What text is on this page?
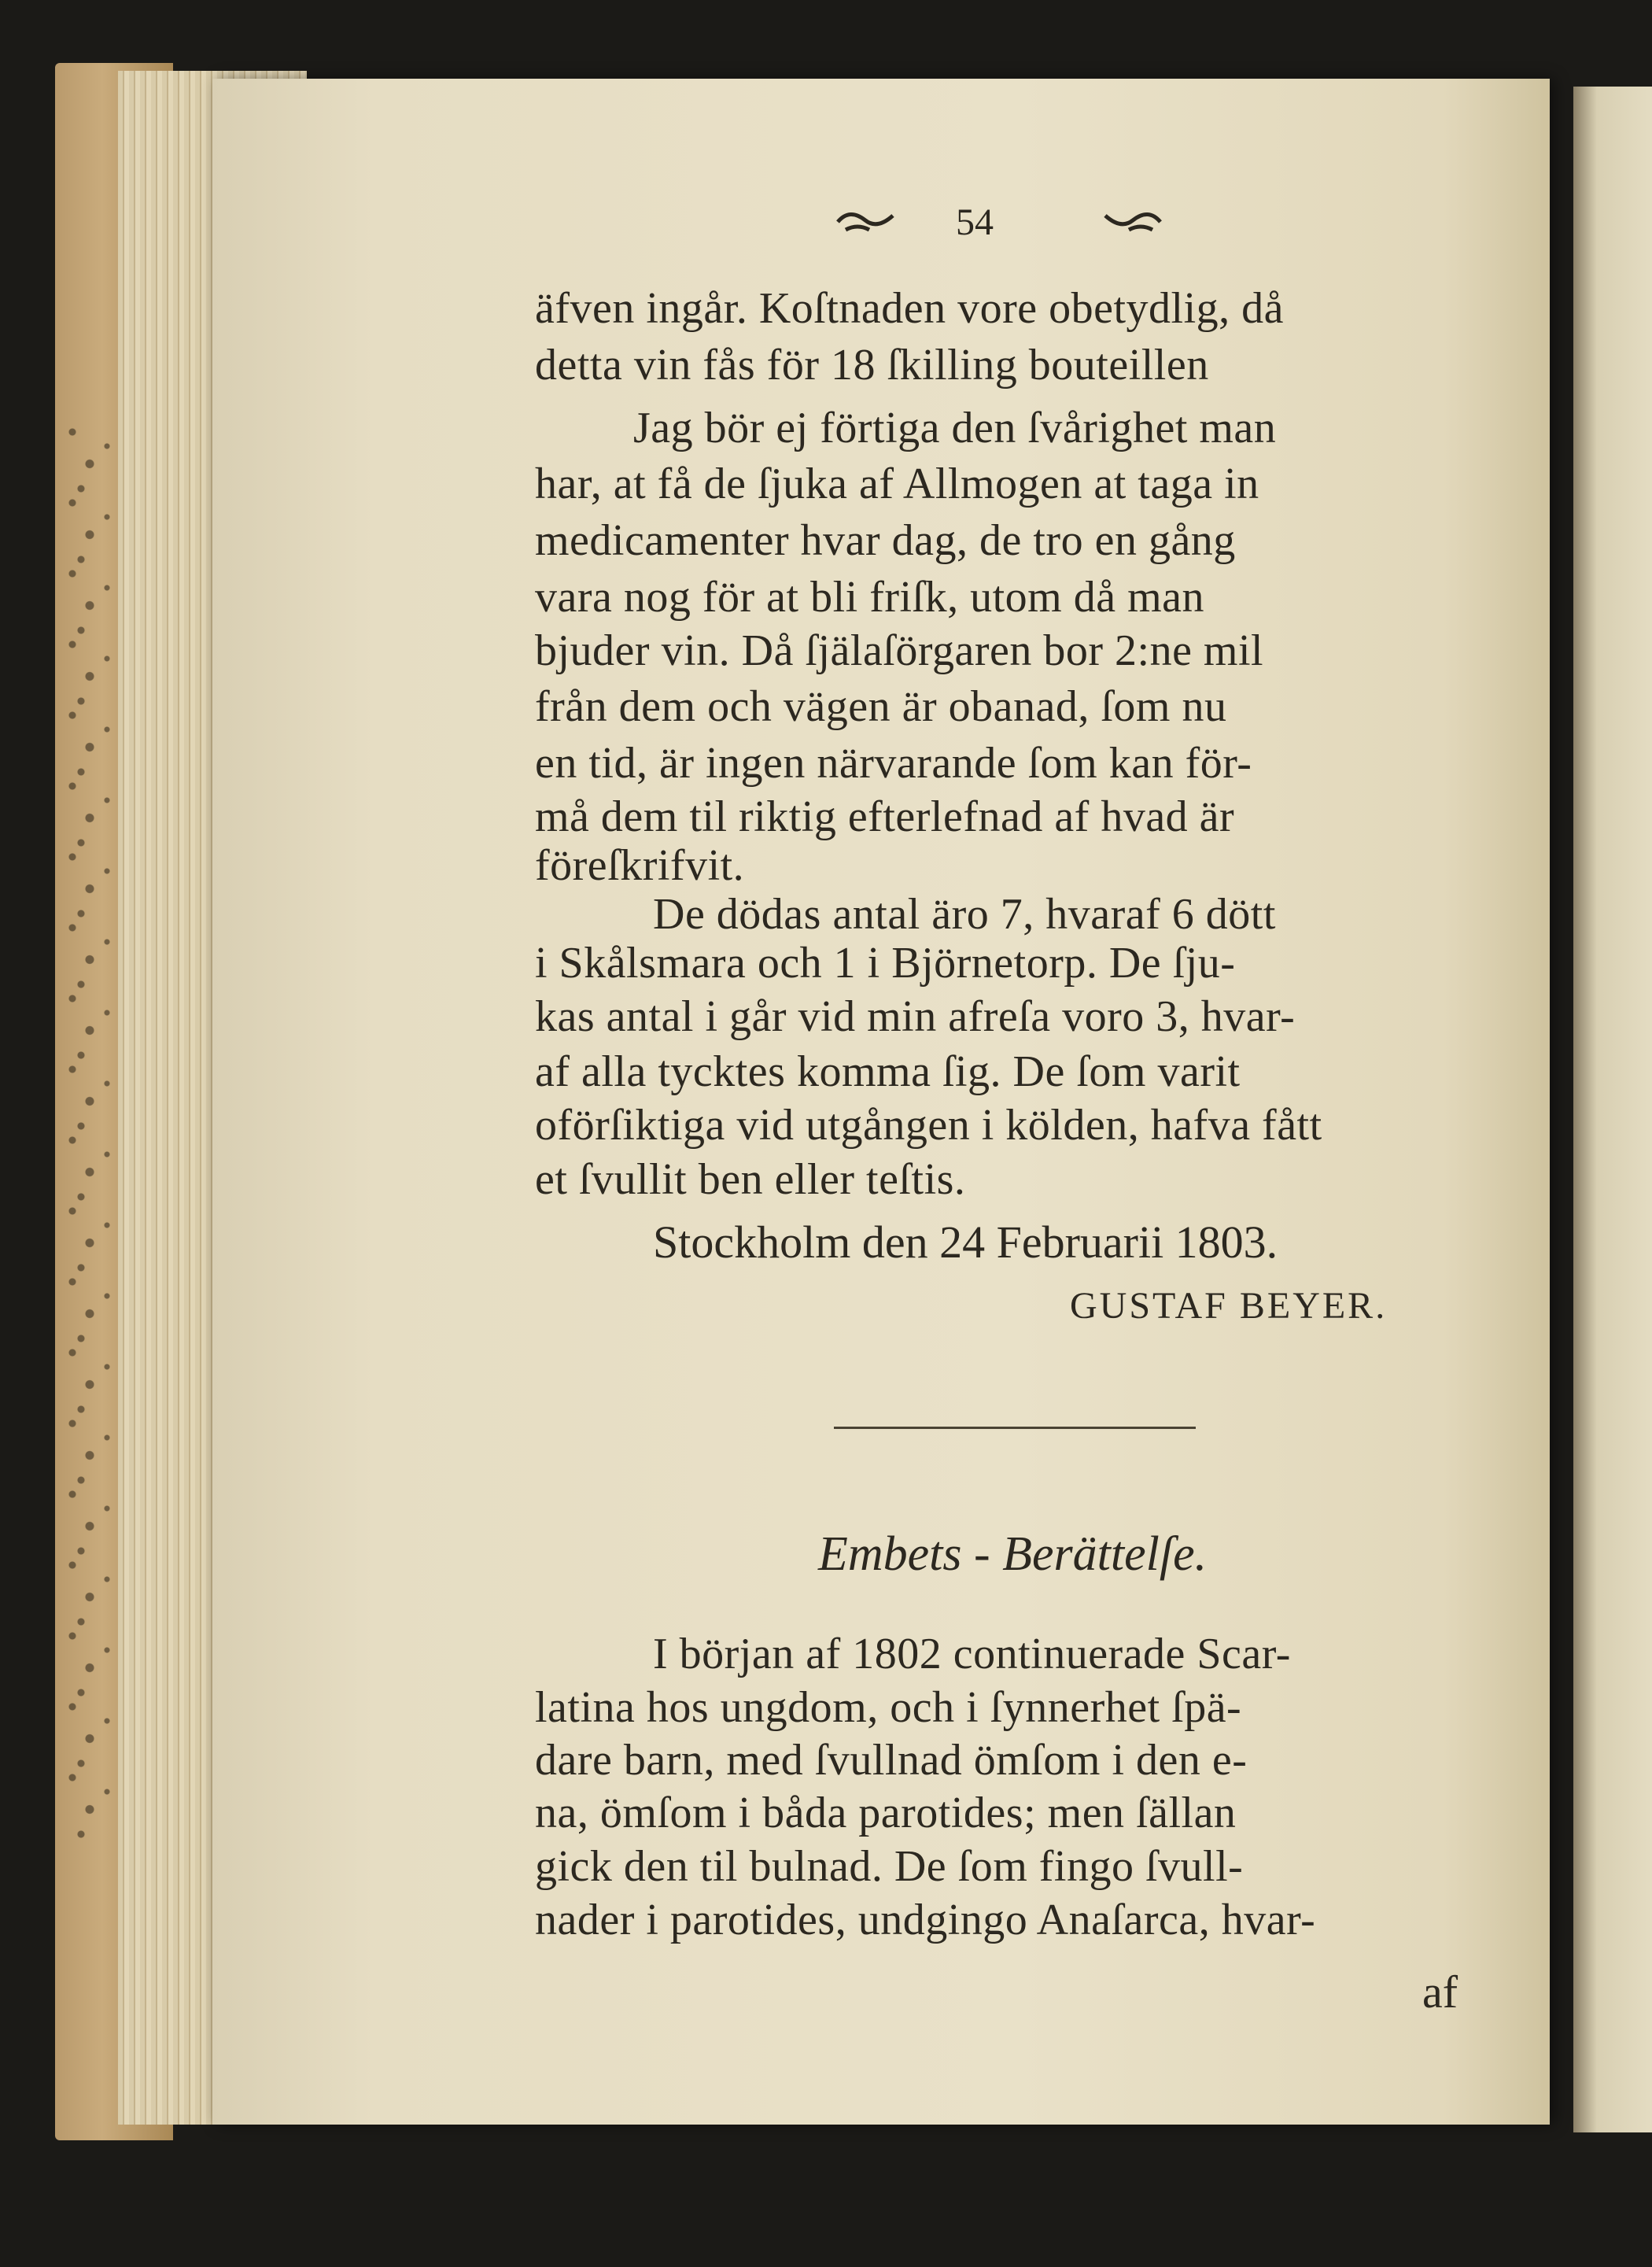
54
äfven ingår. Koſtnaden vore obetydlig, då
detta vin fås för 18 ſkilling bouteillen
Jag bör ej förtiga den ſvårighet man
har, at få de ſjuka af Allmogen at taga in
medicamenter hvar dag, de tro en gång
vara nog för at bli friſk, utom då man
bjuder vin. Då ſjälaſörgaren bor 2:ne mil
från dem och vägen är obanad, ſom nu
en tid, är ingen närvarande ſom kan för-
må dem til riktig efterlefnad af hvad är
föreſkrifvit.
De dödas antal äro 7, hvaraf 6 dött
i Skålsmara och 1 i Björnetorp. De ſju-
kas antal i går vid min afreſa voro 3, hvar-
af alla tycktes komma ſig. De ſom varit
oförſiktiga vid utgången i kölden, hafva fått
et ſvullit ben eller teſtis.
Stockholm den 24 Februarii 1803.
GUSTAF BEYER.
Embets - Berättelſe.
I början af 1802 continuerade Scar-
latina hos ungdom, och i ſynnerhet ſpä-
dare barn, med ſvullnad ömſom i den e-
na, ömſom i båda parotides; men ſällan
gick den til bulnad. De ſom fingo ſvull-
nader i parotides, undgingo Anaſarca, hvar-
af
